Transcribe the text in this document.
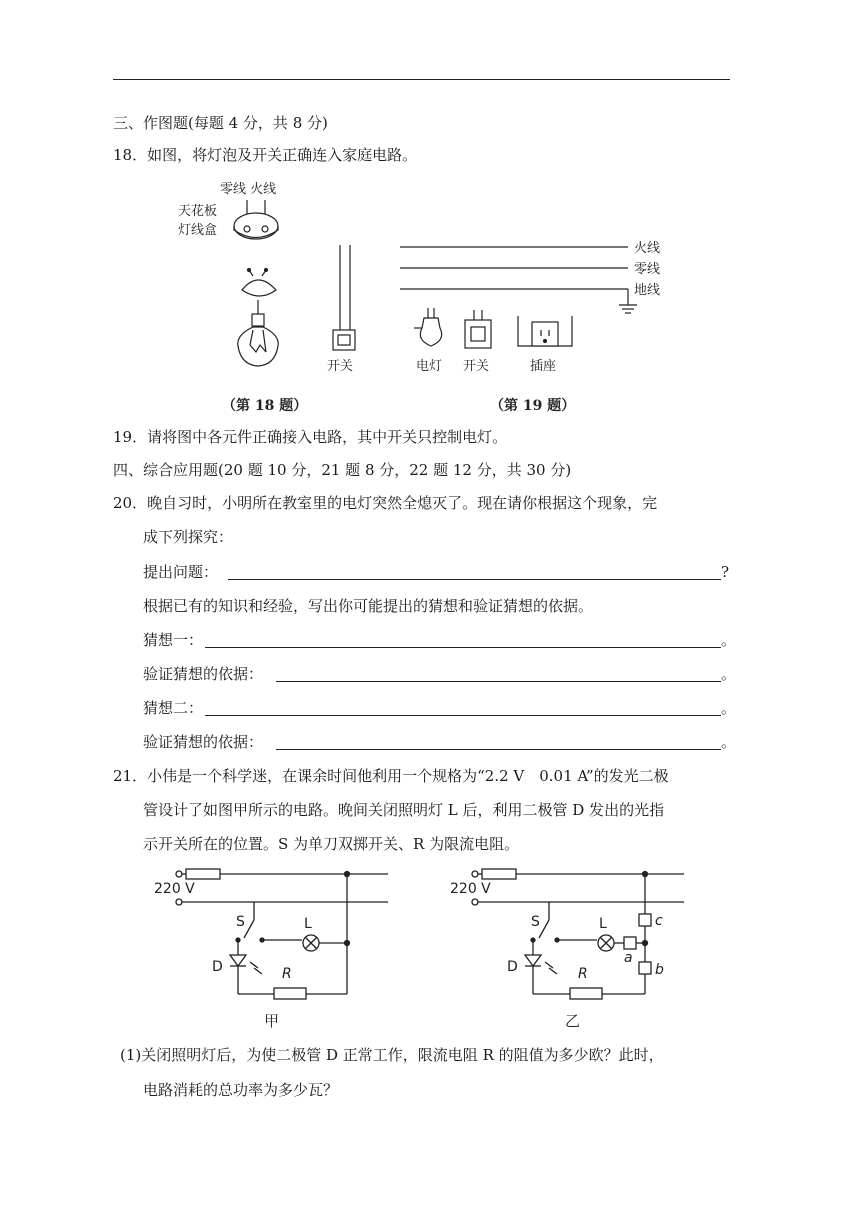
三、作图题(每题 4 分，共 8 分)
18．如图，将灯泡及开关正确连入家庭电路。
零线 火线
天花板
灯线盒
开关
火线
零线
地线
电灯 开关	插座
（第 18 题）	（第 19 题）
19．请将图中各元件正确接入电路，其中开关只控制电灯。
四、综合应用题(20 题 10 分，21 题 8 分，22 题 12 分，共 30 分)
20．晚自习时，小明所在教室里的电灯突然全熄灭了。现在请你根据这个现象，完
成下列探究：
提出问题：	?
根据已有的知识和经验，写出你可能提出的猜想和验证猜想的依据。
猜想一：	。
验证猜想的依据：	。
猜想二：	。
验证猜想的依据：	。
21．小伟是一个科学迷，在课余时间他利用一个规格为“2.2 V　0.01 A”的发光二极
管设计了如图甲所示的电路。晚间关闭照明灯 L 后，利用二极管 D 发出的光指
示开关所在的位置。S 为单刀双掷开关、R 为限流电阻。
220 V
S	L
D	R
甲
220 V
S	L
D	R
a
b
c
乙
(1)关闭照明灯后，为使二极管 D 正常工作，限流电阻 R 的阻值为多少欧？此时，
电路消耗的总功率为多少瓦？
